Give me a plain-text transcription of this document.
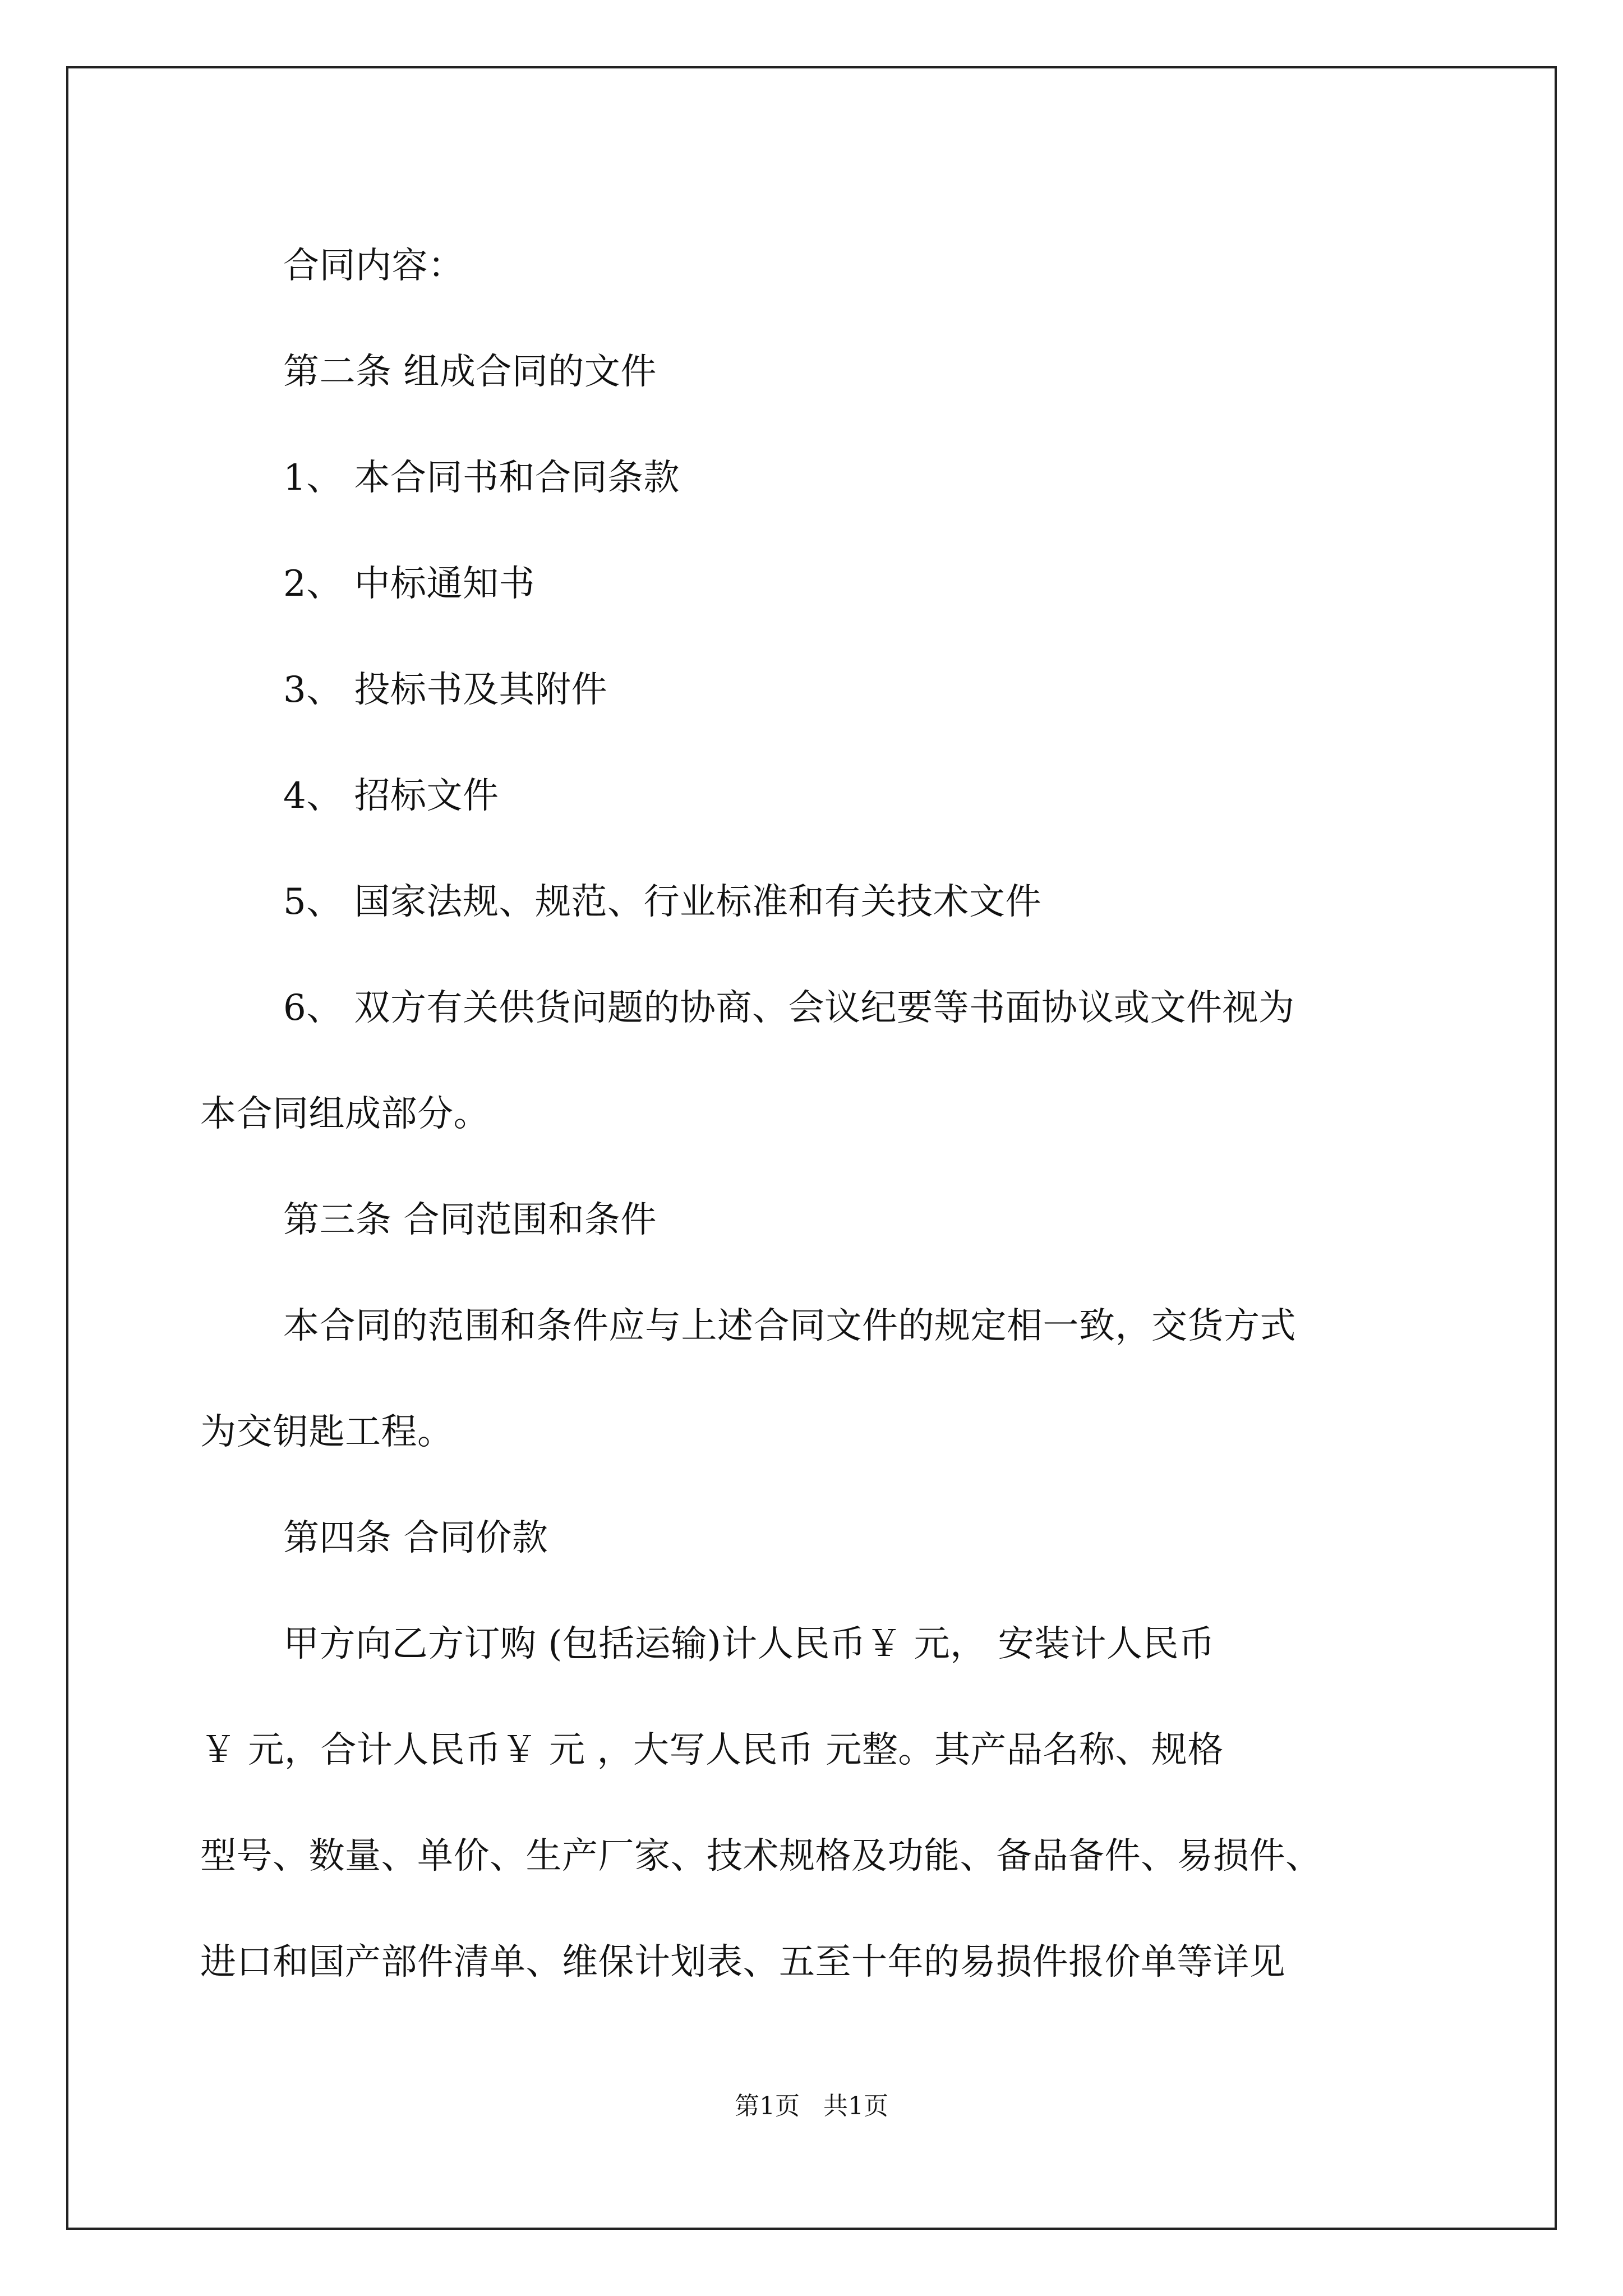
合同内容：

第二条 组成合同的文件

1、 本合同书和合同条款

2、 中标通知书

3、 投标书及其附件

4、 招标文件

5、 国家法规、规范、行业标准和有关技术文件

6、 双方有关供货问题的协商、会议纪要等书面协议或文件视为

本合同组成部分。

第三条 合同范围和条件

本合同的范围和条件应与上述合同文件的规定相一致，交货方式

为交钥匙工程。

第四条 合同价款

甲方向乙方订购 (包括运输)计人民币￥ 元， 安装计人民币

￥ 元，合计人民币￥ 元 ，大写人民币 元整。其产品名称、规格

型号、数量、单价、生产厂家、技术规格及功能、备品备件、易损件、

进口和国产部件清单、维保计划表、五至十年的易损件报价单等详见

第1页   共1页
